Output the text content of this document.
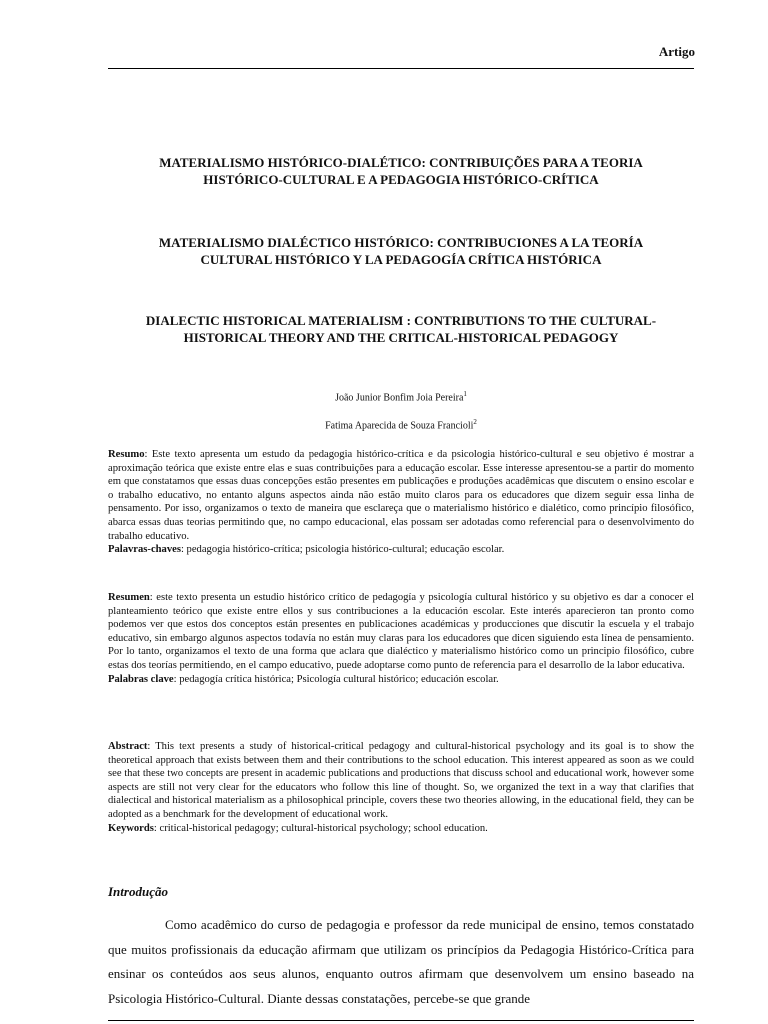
Artigo
MATERIALISMO HISTÓRICO-DIALÉTICO: CONTRIBUIÇÕES PARA A TEORIA
HISTÓRICO-CULTURAL E A PEDAGOGIA HISTÓRICO-CRÍTICA
MATERIALISMO DIALÉCTICO HISTÓRICO: CONTRIBUCIONES A LA TEORÍA
CULTURAL HISTÓRICO Y LA PEDAGOGÍA CRÍTICA HISTÓRICA
DIALECTIC HISTORICAL MATERIALISM : CONTRIBUTIONS TO THE CULTURAL-
HISTORICAL THEORY AND THE CRITICAL-HISTORICAL PEDAGOGY
João Junior Bonfim Joia Pereira$^1$
Fatima Aparecida de Souza Francioli$^2$

Resumo: Este texto apresenta um estudo da pedagogia histórico-crítica e da psicologia histórico-cultural e seu objetivo é mostrar a aproximação teórica que existe entre elas e suas contribuições para a educação escolar. Esse interesse apresentou-se a partir do momento em que constatamos que essas duas concepções estão presentes em publicações e produções acadêmicas que discutem o ensino escolar e o trabalho educativo, no entanto alguns aspectos ainda não estão muito claros para os educadores que dizem seguir essa linha de pensamento. Por isso, organizamos o texto de maneira que esclareça que o materialismo histórico e dialético, como princípio filosófico, abarca essas duas teorias permitindo que, no campo educacional, elas possam ser adotadas como referencial para o desenvolvimento do trabalho educativo.

Palavras-chaves: pedagogia histórico-crítica; psicologia histórico-cultural; educação escolar.

Resumen: este texto presenta un estudio histórico crítico de pedagogía y psicología cultural histórico y su objetivo es dar a conocer el planteamiento teórico que existe entre ellos y sus contribuciones a la educación escolar. Este interés aparecieron tan pronto como podemos ver que estos dos conceptos están presentes en publicaciones académicas y producciones que discutir la escuela y el trabajo educativo, sin embargo algunos aspectos todavía no están muy claras para los educadores que dicen siguiendo esta línea de pensamiento. Por lo tanto, organizamos el texto de una forma que aclara que dialéctico y materialismo histórico como un principio filosófico, cubre estas dos teorías permitiendo, en el campo educativo, puede adoptarse como punto de referencia para el desarrollo de la labor educativa.

Palabras clave: pedagogía crítica histórica; Psicología cultural histórico; educación escolar.

Abstract: This text presents a study of historical-critical pedagogy and cultural-historical psychology and its goal is to show the theoretical approach that exists between them and their contributions to the school education. This interest appeared as soon as we could see that these two concepts are present in academic publications and productions that discuss school and educational work, however some aspects are still not very clear for the educators who follow this line of thought. So, we organized the text in a way that clarifies that dialectical and historical materialism as a philosophical principle, covers these two theories allowing, in the educational field, they can be adopted as a benchmark for the development of educational work.

Keywords: critical-historical pedagogy; cultural-historical psychology; school education.

Introdução

Como acadêmico do curso de pedagogia e professor da rede municipal de ensino, temos constatado que muitos profissionais da educação afirmam que utilizam os princípios da Pedagogia Histórico-Crítica para ensinar os conteúdos aos seus alunos, enquanto outros afirmam que desenvolvem um ensino baseado na Psicologia Histórico-Cultural. Diante dessas constatações, percebe-se que grande
